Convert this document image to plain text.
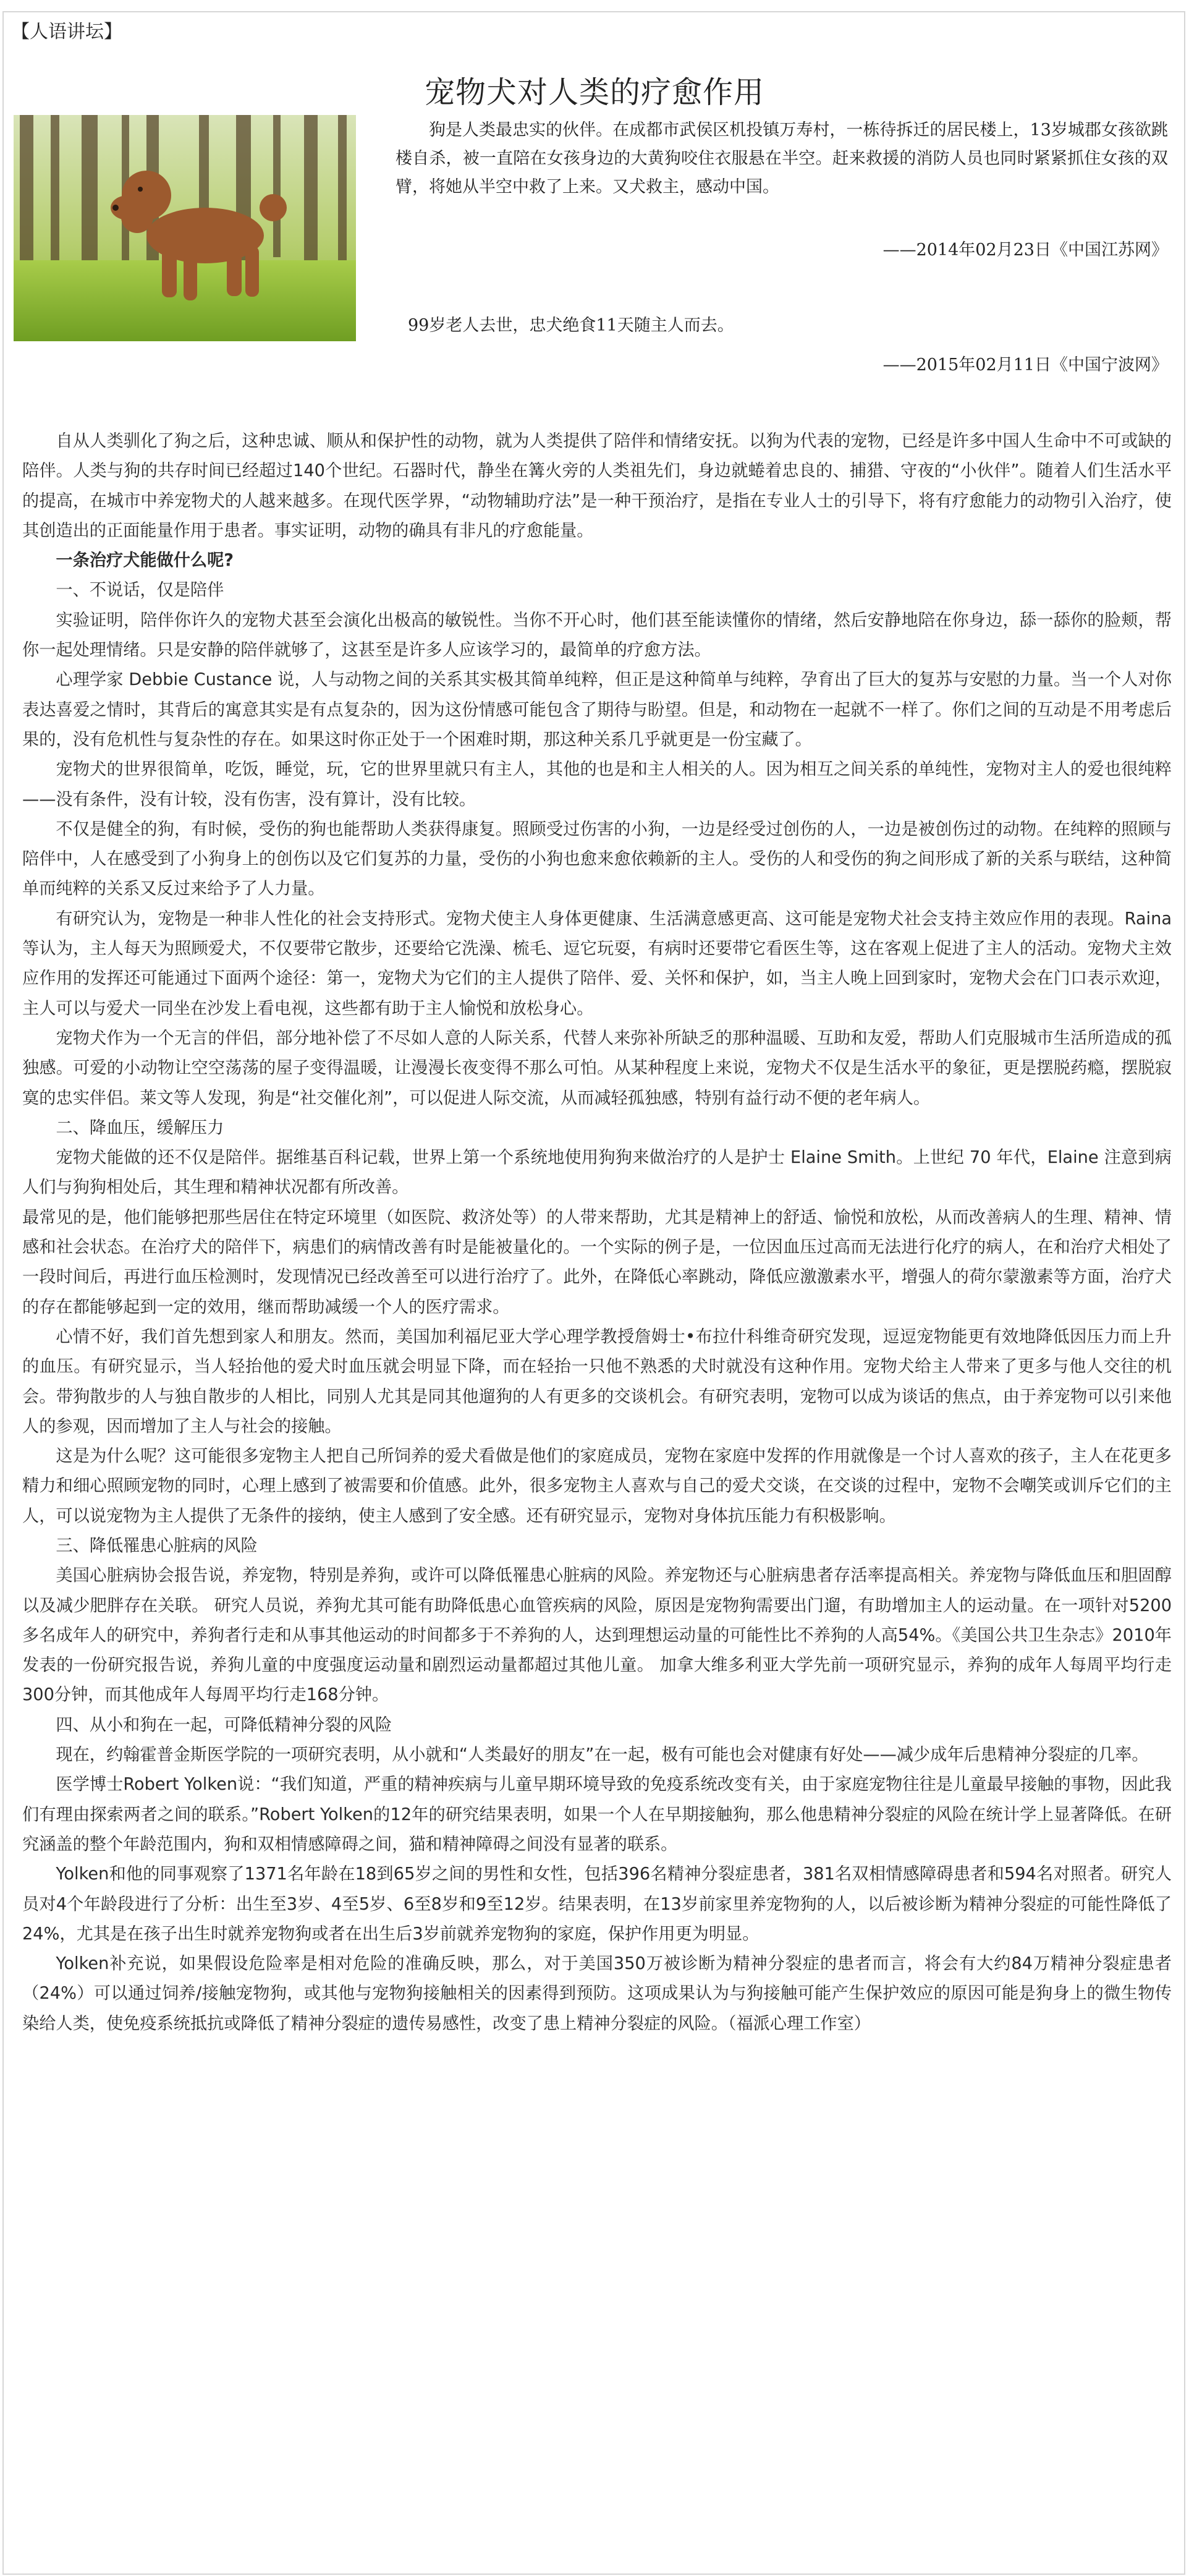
【人语讲坛】
宠物犬对人类的疗愈作用
狗是人类最忠实的伙伴。在成都市武侯区机投镇万寿村，一栋待拆迁的居民楼上，13岁城郡女孩欲跳楼自杀，被一直陪在女孩身边的大黄狗咬住衣服悬在半空。赶来救援的消防人员也同时紧紧抓住女孩的双臂，将她从半空中救了上来。又犬救主，感动中国。
——2014年02月23日《中国江苏网》
99岁老人去世，忠犬绝食11天随主人而去。
——2015年02月11日《中国宁波网》

自从人类驯化了狗之后，这种忠诚、顺从和保护性的动物，就为人类提供了陪伴和情绪安抚。以狗为代表的宠物，已经是许多中国人生命中不可或缺的陪伴。人类与狗的共存时间已经超过140个世纪。石器时代，静坐在篝火旁的人类祖先们，身边就蜷着忠良的、捕猎、守夜的“小伙伴”。随着人们生活水平的提高，在城市中养宠物犬的人越来越多。在现代医学界，“动物辅助疗法”是一种干预治疗，是指在专业人士的引导下，将有疗愈能力的动物引入治疗，使其创造出的正面能量作用于患者。事实证明，动物的确具有非凡的疗愈能量。

一条治疗犬能做什么呢?

一、不说话，仅是陪伴

实验证明，陪伴你许久的宠物犬甚至会演化出极高的敏锐性。当你不开心时，他们甚至能读懂你的情绪，然后安静地陪在你身边，舔一舔你的脸颊，帮你一起处理情绪。只是安静的陪伴就够了，这甚至是许多人应该学习的，最简单的疗愈方法。

心理学家 Debbie Custance 说，人与动物之间的关系其实极其简单纯粹，但正是这种简单与纯粹，孕育出了巨大的复苏与安慰的力量。当一个人对你表达喜爱之情时，其背后的寓意其实是有点复杂的，因为这份情感可能包含了期待与盼望。但是，和动物在一起就不一样了。你们之间的互动是不用考虑后果的，没有危机性与复杂性的存在。如果这时你正处于一个困难时期，那这种关系几乎就更是一份宝藏了。

宠物犬的世界很简单，吃饭，睡觉，玩，它的世界里就只有主人，其他的也是和主人相关的人。因为相互之间关系的单纯性，宠物对主人的爱也很纯粹——没有条件，没有计较，没有伤害，没有算计，没有比较。

不仅是健全的狗，有时候，受伤的狗也能帮助人类获得康复。照顾受过伤害的小狗，一边是经受过创伤的人，一边是被创伤过的动物。在纯粹的照顾与陪伴中，人在感受到了小狗身上的创伤以及它们复苏的力量，受伤的小狗也愈来愈依赖新的主人。受伤的人和受伤的狗之间形成了新的关系与联结，这种简单而纯粹的关系又反过来给予了人力量。

有研究认为，宠物是一种非人性化的社会支持形式。宠物犬使主人身体更健康、生活满意感更高、这可能是宠物犬社会支持主效应作用的表现。Raina等认为，主人每天为照顾爱犬，不仅要带它散步，还要给它洗澡、梳毛、逗它玩耍，有病时还要带它看医生等，这在客观上促进了主人的活动。宠物犬主效应作用的发挥还可能通过下面两个途径：第一，宠物犬为它们的主人提供了陪伴、爱、关怀和保护，如，当主人晚上回到家时，宠物犬会在门口表示欢迎，主人可以与爱犬一同坐在沙发上看电视，这些都有助于主人愉悦和放松身心。

宠物犬作为一个无言的伴侣，部分地补偿了不尽如人意的人际关系，代替人来弥补所缺乏的那种温暖、互助和友爱，帮助人们克服城市生活所造成的孤独感。可爱的小动物让空空荡荡的屋子变得温暖，让漫漫长夜变得不那么可怕。从某种程度上来说，宠物犬不仅是生活水平的象征，更是摆脱药瘾，摆脱寂寞的忠实伴侣。莱文等人发现，狗是“社交催化剂”，可以促进人际交流，从而减轻孤独感，特别有益行动不便的老年病人。

二、降血压，缓解压力

宠物犬能做的还不仅是陪伴。据维基百科记载，世界上第一个系统地使用狗狗来做治疗的人是护士 Elaine Smith。上世纪 70 年代，Elaine 注意到病人们与狗狗相处后，其生理和精神状况都有所改善。

最常见的是，他们能够把那些居住在特定环境里（如医院、救济处等）的人带来帮助，尤其是精神上的舒适、愉悦和放松，从而改善病人的生理、精神、情感和社会状态。在治疗犬的陪伴下，病患们的病情改善有时是能被量化的。一个实际的例子是，一位因血压过高而无法进行化疗的病人，在和治疗犬相处了一段时间后，再进行血压检测时，发现情况已经改善至可以进行治疗了。此外，在降低心率跳动，降低应激激素水平，增强人的荷尔蒙激素等方面，治疗犬的存在都能够起到一定的效用，继而帮助减缓一个人的医疗需求。

心情不好，我们首先想到家人和朋友。然而，美国加利福尼亚大学心理学教授詹姆士•布拉什科维奇研究发现，逗逗宠物能更有效地降低因压力而上升的血压。有研究显示，当人轻抬他的爱犬时血压就会明显下降，而在轻抬一只他不熟悉的犬时就没有这种作用。宠物犬给主人带来了更多与他人交往的机会。带狗散步的人与独自散步的人相比，同别人尤其是同其他遛狗的人有更多的交谈机会。有研究表明，宠物可以成为谈话的焦点，由于养宠物可以引来他人的参观，因而增加了主人与社会的接触。

这是为什么呢？这可能很多宠物主人把自己所饲养的爱犬看做是他们的家庭成员，宠物在家庭中发挥的作用就像是一个讨人喜欢的孩子，主人在花更多精力和细心照顾宠物的同时，心理上感到了被需要和价值感。此外，很多宠物主人喜欢与自己的爱犬交谈，在交谈的过程中，宠物不会嘲笑或训斥它们的主人，可以说宠物为主人提供了无条件的接纳，使主人感到了安全感。还有研究显示，宠物对身体抗压能力有积极影响。

三、降低罹患心脏病的风险

美国心脏病协会报告说，养宠物，特别是养狗，或许可以降低罹患心脏病的风险。养宠物还与心脏病患者存活率提高相关。养宠物与降低血压和胆固醇以及减少肥胖存在关联。 研究人员说，养狗尤其可能有助降低患心血管疾病的风险，原因是宠物狗需要出门遛，有助增加主人的运动量。在一项针对5200多名成年人的研究中，养狗者行走和从事其他运动的时间都多于不养狗的人，达到理想运动量的可能性比不养狗的人高54%。《美国公共卫生杂志》2010年发表的一份研究报告说，养狗儿童的中度强度运动量和剧烈运动量都超过其他儿童。 加拿大维多利亚大学先前一项研究显示，养狗的成年人每周平均行走300分钟，而其他成年人每周平均行走168分钟。

四、从小和狗在一起，可降低精神分裂的风险

现在，约翰霍普金斯医学院的一项研究表明，从小就和“人类最好的朋友”在一起，极有可能也会对健康有好处——减少成年后患精神分裂症的几率。

医学博士Robert Yolken说：“我们知道，严重的精神疾病与儿童早期环境导致的免疫系统改变有关，由于家庭宠物往往是儿童最早接触的事物，因此我们有理由探索两者之间的联系。”Robert Yolken的12年的研究结果表明，如果一个人在早期接触狗，那么他患精神分裂症的风险在统计学上显著降低。在研究涵盖的整个年龄范围内，狗和双相情感障碍之间，猫和精神障碍之间没有显著的联系。

Yolken和他的同事观察了1371名年龄在18到65岁之间的男性和女性，包括396名精神分裂症患者，381名双相情感障碍患者和594名对照者。研究人员对4个年龄段进行了分析：出生至3岁、4至5岁、6至8岁和9至12岁。结果表明，在13岁前家里养宠物狗的人，以后被诊断为精神分裂症的可能性降低了24%，尤其是在孩子出生时就养宠物狗或者在出生后3岁前就养宠物狗的家庭，保护作用更为明显。

Yolken补充说，如果假设危险率是相对危险的准确反映，那么，对于美国350万被诊断为精神分裂症的患者而言，将会有大约84万精神分裂症患者（24%）可以通过饲养/接触宠物狗，或其他与宠物狗接触相关的因素得到预防。这项成果认为与狗接触可能产生保护效应的原因可能是狗身上的微生物传染给人类，使免疫系统抵抗或降低了精神分裂症的遗传易感性，改变了患上精神分裂症的风险。（福派心理工作室）
